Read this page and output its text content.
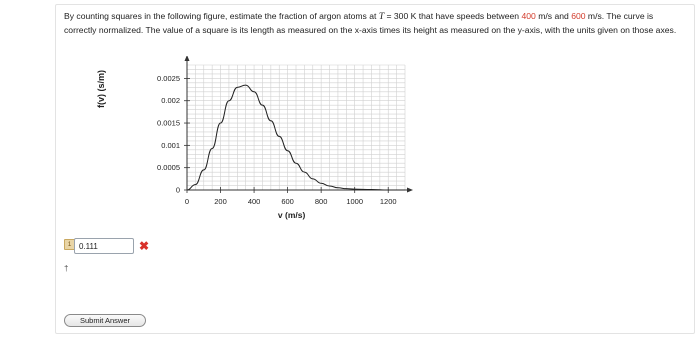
By counting squares in the following figure, estimate the fraction of argon atoms at T = 300 K that have speeds between 400 m/s and 600 m/s. The curve is correctly normalized. The value of a square is its length as measured on the x-axis times its height as measured on the y-axis, with the units given on those axes.
f(v) (s/m)
0	200	400	600	800	1000 1200
0
0.0005
0.001
0.0015
0.002
0.0025
v (m/s)
1
0.111	✖
†
Submit Answer
